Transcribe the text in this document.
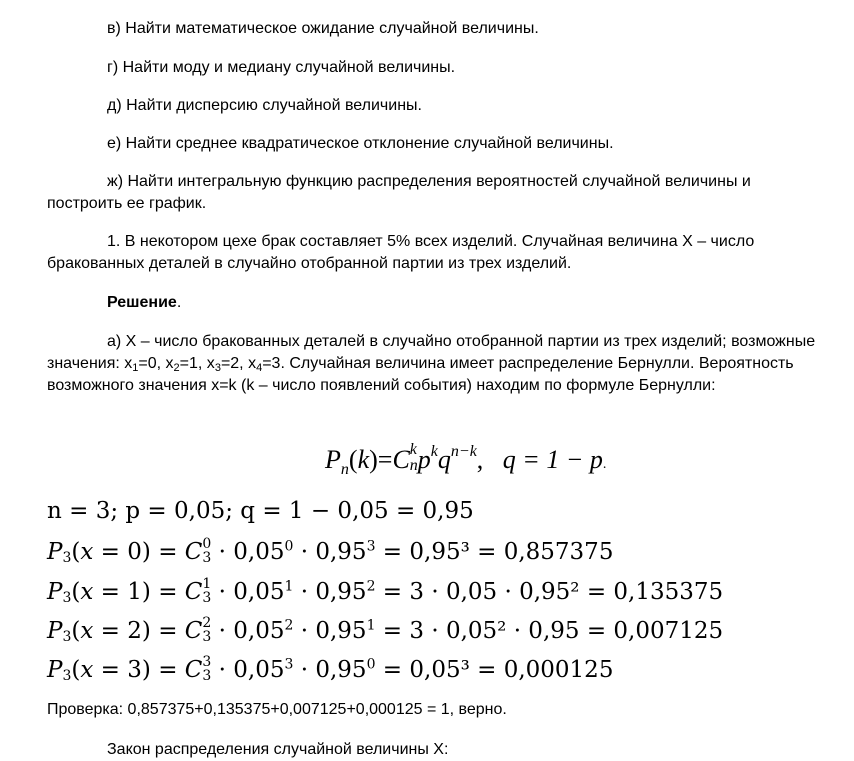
в) Найти математическое ожидание случайной величины.

г) Найти моду и медиану случайной величины.

д) Найти дисперсию случайной величины.

е) Найти среднее квадратическое отклонение случайной величины.

ж) Найти интегральную функцию распределения вероятностей случайной величины и построить ее график.

1. В некотором цехе брак составляет 5% всех изделий. Случайная величина X – число бракованных деталей в случайно отобранной партии из трех изделий.

Решение.

а) X – число бракованных деталей в случайно отобранной партии из трех изделий; возможные значения: $x_1=0$, $x_2=1$, $x_3=2$, $x_4=3$. Случайная величина имеет распределение Бернулли. Вероятность возможного значения x=k (k – число появлений события) находим по формуле Бернулли:

$P_n(k)=C$ k
n $p^kq^{n-k}$,   q = 1 − p.
n = 3; p = 0,05; q = 1 − 0,05 = 0,95
$P_3(x = 0) = C$ 0
$3 \cdot 0,05^0 \cdot 0,95^3 = 0,95^3 = 0,857375$
$P_3(x = 1) = C$ 1
$3 \cdot 0,05^1 \cdot 0,95^2 = 3 \cdot 0,05 \cdot 0,95^2 = 0,135375$
$P_3(x = 2) = C$ 2
$3 \cdot 0,05^2 \cdot 0,95^1 = 3 \cdot 0,05^2 \cdot 0,95 = 0,007125$
$P_3(x = 3) = C$ 3
$3 \cdot 0,05^3 \cdot 0,95^0 = 0,05^3 = 0,000125$

Проверка: 0,857375+0,135375+0,007125+0,000125 = 1, верно.

Закон распределения случайной величины X:
